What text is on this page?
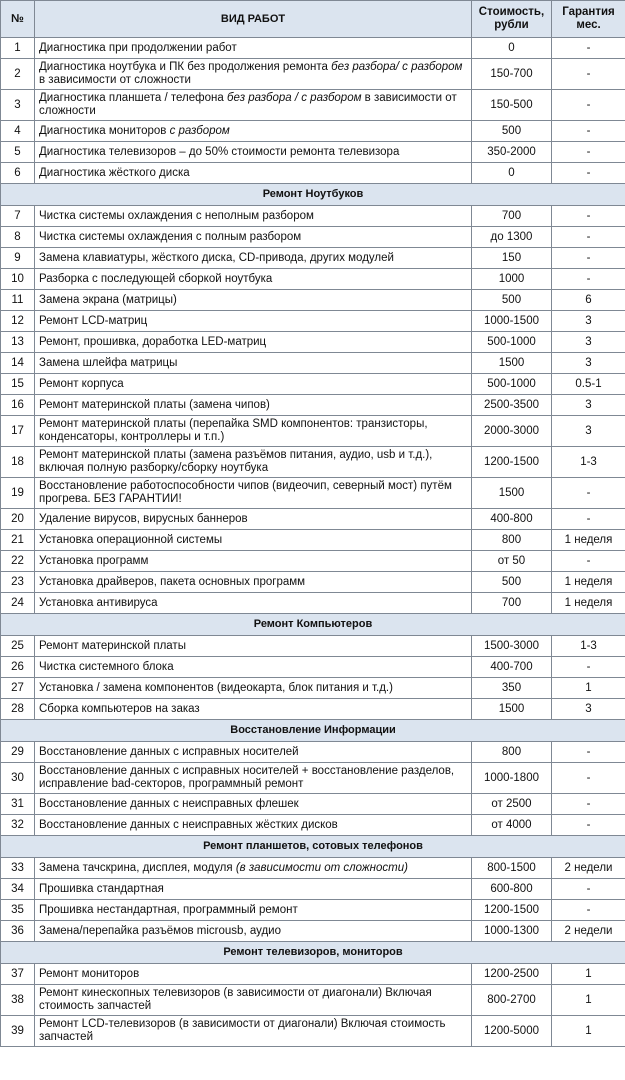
№	ВИД РАБОТ	Стоимость, рубли	Гарантия мес.
1	Диагностика при продолжении работ	0	-
2	Диагностика ноутбука и ПК без продолжения ремонта без разбора/ с разбором в зависимости от сложности	150-700	-
3	Диагностика планшета / телефона без разбора / с разбором в зависимости от сложности	150-500	-
4	Диагностика мониторов с разбором	500	-
5	Диагностика телевизоров – до 50% стоимости ремонта телевизора	350-2000	-
6	Диагностика жёсткого диска	0	-
Ремонт Ноутбуков			
7	Чистка системы охлаждения с неполным разбором	700	-
8	Чистка системы охлаждения с полным разбором	до 1300	-
9	Замена клавиатуры, жёсткого диска, CD-привода, других модулей	150	-
10	Разборка с последующей сборкой ноутбука	1000	-
11	Замена экрана (матрицы)	500	6
12	Ремонт LCD-матриц	1000-1500	3
13	Ремонт, прошивка, доработка LED-матриц	500-1000	3
14	Замена шлейфа матрицы	1500	3
15	Ремонт корпуса	500-1000	0.5-1
16	Ремонт материнской платы (замена чипов)	2500-3500	3
17	Ремонт материнской платы (перепайка SMD компонентов: транзисторы, конденсаторы, контроллеры и т.п.)	2000-3000	3
18	Ремонт материнской платы (замена разъёмов питания, аудио, usb и т.д.), включая полную разборку/сборку ноутбука	1200-1500	1-3
19	Восстановление работоспособности чипов (видеочип, северный мост) путём прогрева. БЕЗ ГАРАНТИИ!	1500	-
20	Удаление вирусов, вирусных баннеров	400-800	-
21	Установка операционной системы	800	1 неделя
22	Установка программ	от 50	-
23	Установка драйверов, пакета основных программ	500	1 неделя
24	Установка антивируса	700	1 неделя
Ремонт Компьютеров			
25	Ремонт материнской платы	1500-3000	1-3
26	Чистка системного блока	400-700	-
27	Установка / замена компонентов (видеокарта, блок питания и т.д.)	350	1
28	Сборка компьютеров на заказ	1500	3
Восстановление Информации			
29	Восстановление данных с исправных носителей	800	-
30	Восстановление данных с исправных носителей + восстановление разделов, исправление bad-секторов, программный ремонт	1000-1800	-
31	Восстановление данных с неисправных флешек	от 2500	-
32	Восстановление данных с неисправных жёстких дисков	от 4000	-
Ремонт планшетов, сотовых телефонов			
33	Замена тачскрина, дисплея, модуля (в зависимости от сложности)	800-1500	2 недели
34	Прошивка стандартная	600-800	-
35	Прошивка нестандартная, программный ремонт	1200-1500	-
36	Замена/перепайка разъёмов microusb, аудио	1000-1300	2 недели
Ремонт телевизоров, мониторов			
37	Ремонт мониторов	1200-2500	1
38	Ремонт кинескопных телевизоров (в зависимости от диагонали) Включая стоимость запчастей	800-2700	1
39	Ремонт LCD-телевизоров (в зависимости от диагонали) Включая стоимость запчастей	1200-5000	1
